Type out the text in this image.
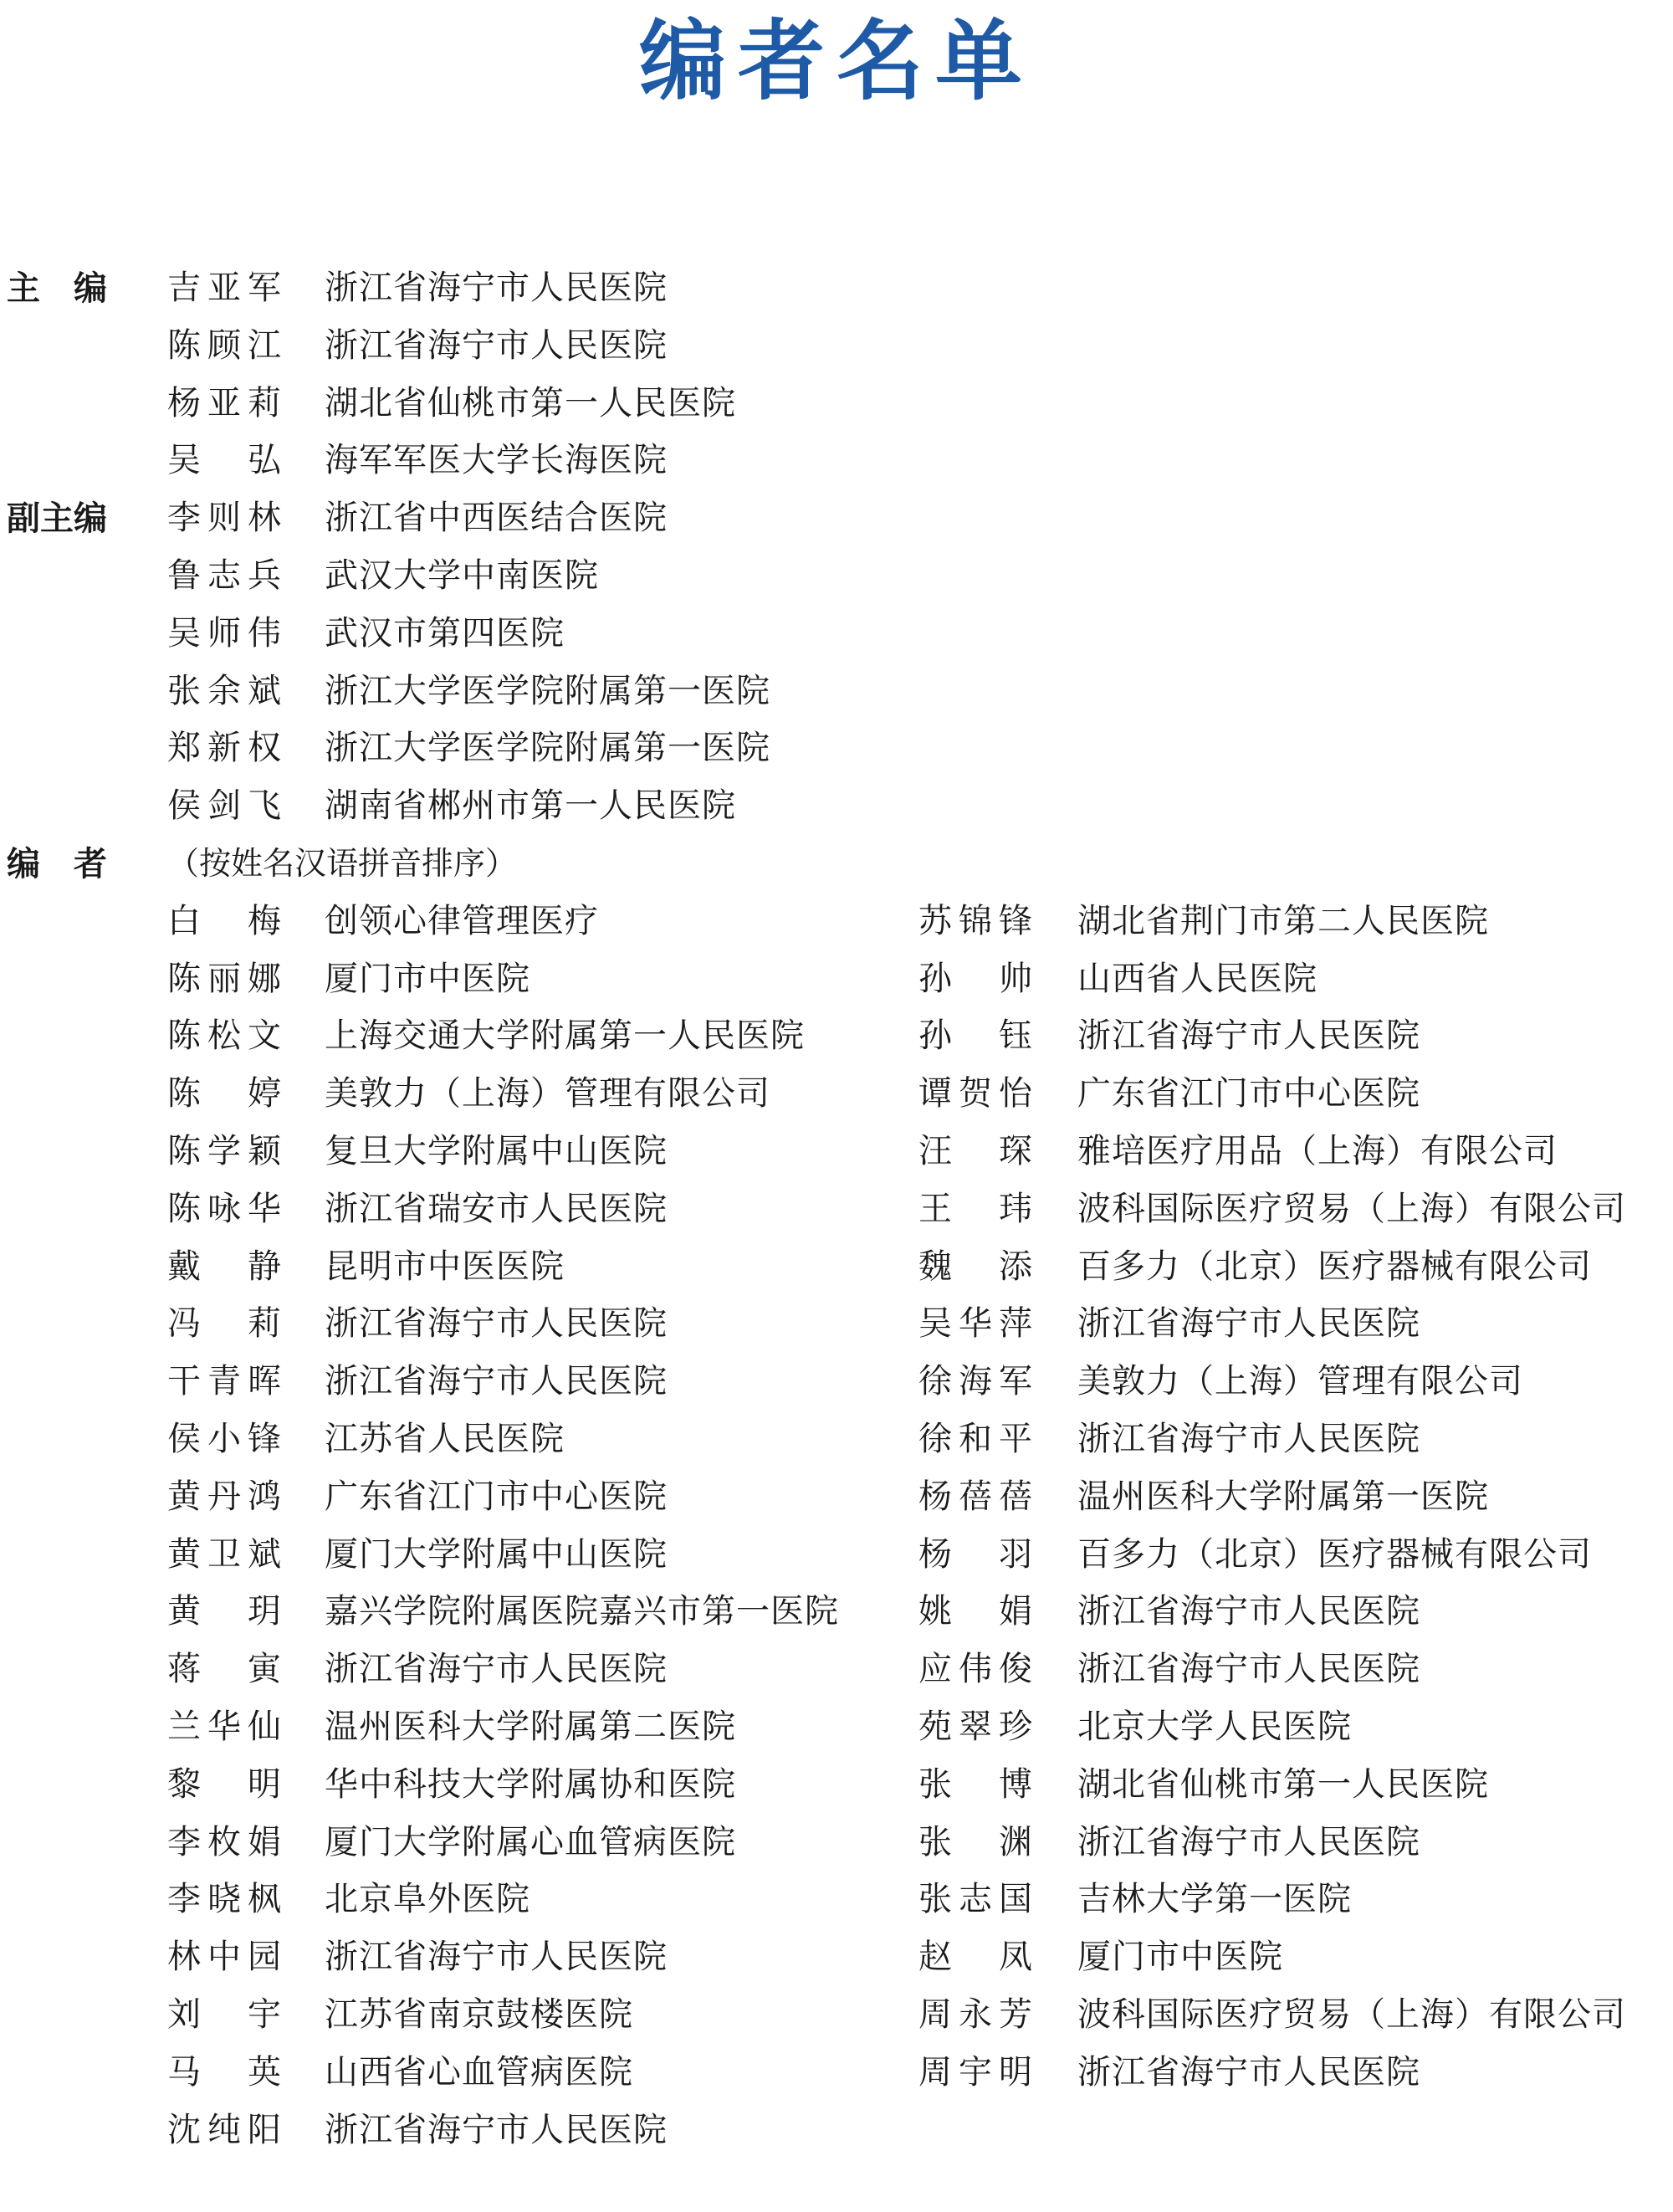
编者名单
主　编 吉亚军 浙江省海宁市人民医院
陈顾江 浙江省海宁市人民医院
杨亚莉 湖北省仙桃市第一人民医院
吴弘 海军军医大学长海医院
副主编 李则林 浙江省中西医结合医院
鲁志兵 武汉大学中南医院
吴师伟 武汉市第四医院
张余斌 浙江大学医学院附属第一医院
郑新权 浙江大学医学院附属第一医院
侯剑飞 湖南省郴州市第一人民医院
编　者 （按姓名汉语拼音排序）
白梅 创领心律管理医疗
陈丽娜 厦门市中医院
陈松文 上海交通大学附属第一人民医院
陈婷 美敦力（上海）管理有限公司
陈学颖 复旦大学附属中山医院
陈咏华 浙江省瑞安市人民医院
戴静 昆明市中医医院
冯莉 浙江省海宁市人民医院
干青晖 浙江省海宁市人民医院
侯小锋 江苏省人民医院
黄丹鸿 广东省江门市中心医院
黄卫斌 厦门大学附属中山医院
黄玥 嘉兴学院附属医院嘉兴市第一医院
蒋寅 浙江省海宁市人民医院
兰华仙 温州医科大学附属第二医院
黎明 华中科技大学附属协和医院
李枚娟 厦门大学附属心血管病医院
李晓枫 北京阜外医院
林中园 浙江省海宁市人民医院
刘宇 江苏省南京鼓楼医院
马英 山西省心血管病医院
沈纯阳 浙江省海宁市人民医院
苏锦锋 湖北省荆门市第二人民医院
孙帅 山西省人民医院
孙钰 浙江省海宁市人民医院
谭贺怡 广东省江门市中心医院
汪琛 雅培医疗用品（上海）有限公司
王玮 波科国际医疗贸易（上海）有限公司
魏添 百多力（北京）医疗器械有限公司
吴华萍 浙江省海宁市人民医院
徐海军 美敦力（上海）管理有限公司
徐和平 浙江省海宁市人民医院
杨蓓蓓 温州医科大学附属第一医院
杨羽 百多力（北京）医疗器械有限公司
姚娟 浙江省海宁市人民医院
应伟俊 浙江省海宁市人民医院
苑翠珍 北京大学人民医院
张博 湖北省仙桃市第一人民医院
张渊 浙江省海宁市人民医院
张志国 吉林大学第一医院
赵凤 厦门市中医院
周永芳 波科国际医疗贸易（上海）有限公司
周宇明 浙江省海宁市人民医院
